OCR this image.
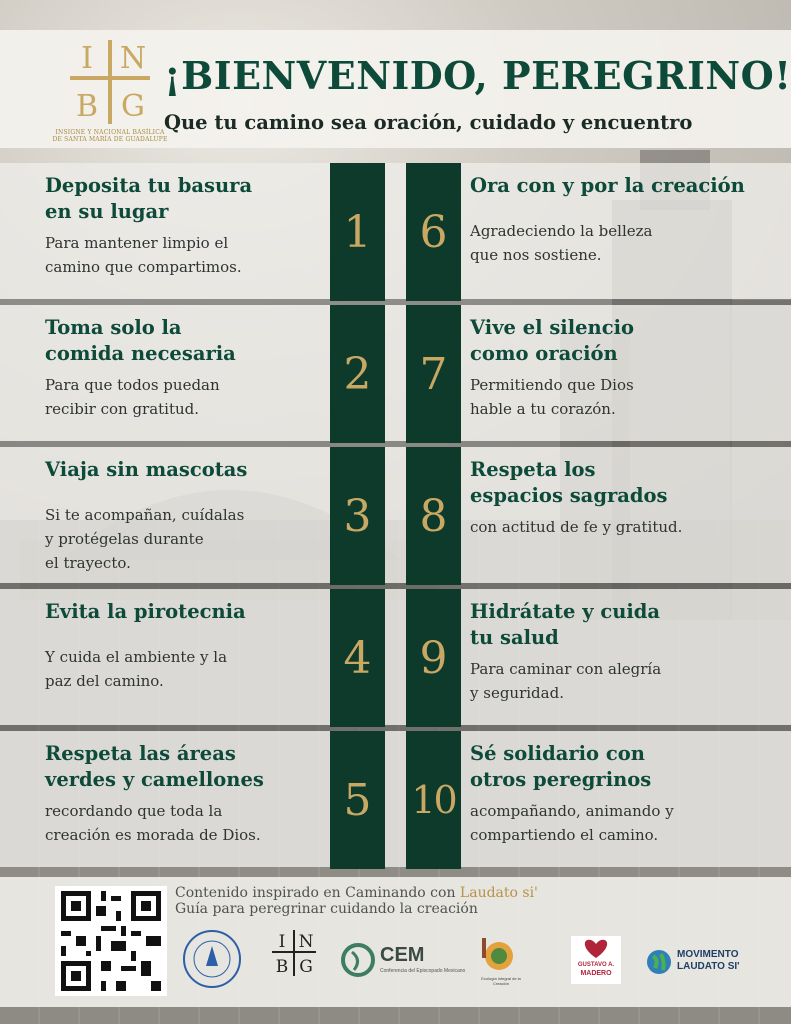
I N
B G
INSIGNE Y NACIONAL BASÍLICA DE SANTA MARÍA DE GUADALUPE
¡BIENVENIDO, PEREGRINO!

Que tu camino sea oración, cuidado y encuentro

1
2
3
4
5
6
7
8
9
10

Deposita tu basura
en su lugar

Para mantener limpio el
camino que compartimos.

Toma solo la
comida necesaria

Para que todos puedan
recibir con gratitud.

Viaja sin mascotas

Si te acompañan, cuídalas
y protégelas durante
el trayecto.

Evita la pirotecnia

Y cuida el ambiente y la
paz del camino.

Respeta las áreas
verdes y camellones

recordando que toda la
creación es morada de Dios.

Ora con y por la creación

Agradeciendo la belleza
que nos sostiene.

Vive el silencio
como oración

Permitiendo que Dios
hable a tu corazón.

Respeta los
espacios sagrados

con actitud de fe y gratitud.

Hidrátate y cuida
tu salud

Para caminar con alegría
y seguridad.

Sé solidario con
otros peregrinos

acompañando, animando y
compartiendo el camino.

Contenido inspirado en Caminando con Laudato si'
Guía para peregrinar cuidando la creación
I N
B G
CEM
Conferencia del Episcopado Mexicano
Ecología integral de la Creación
GUSTAVO A.
MADERO
MOVIMENTO
LAUDATO SI'
